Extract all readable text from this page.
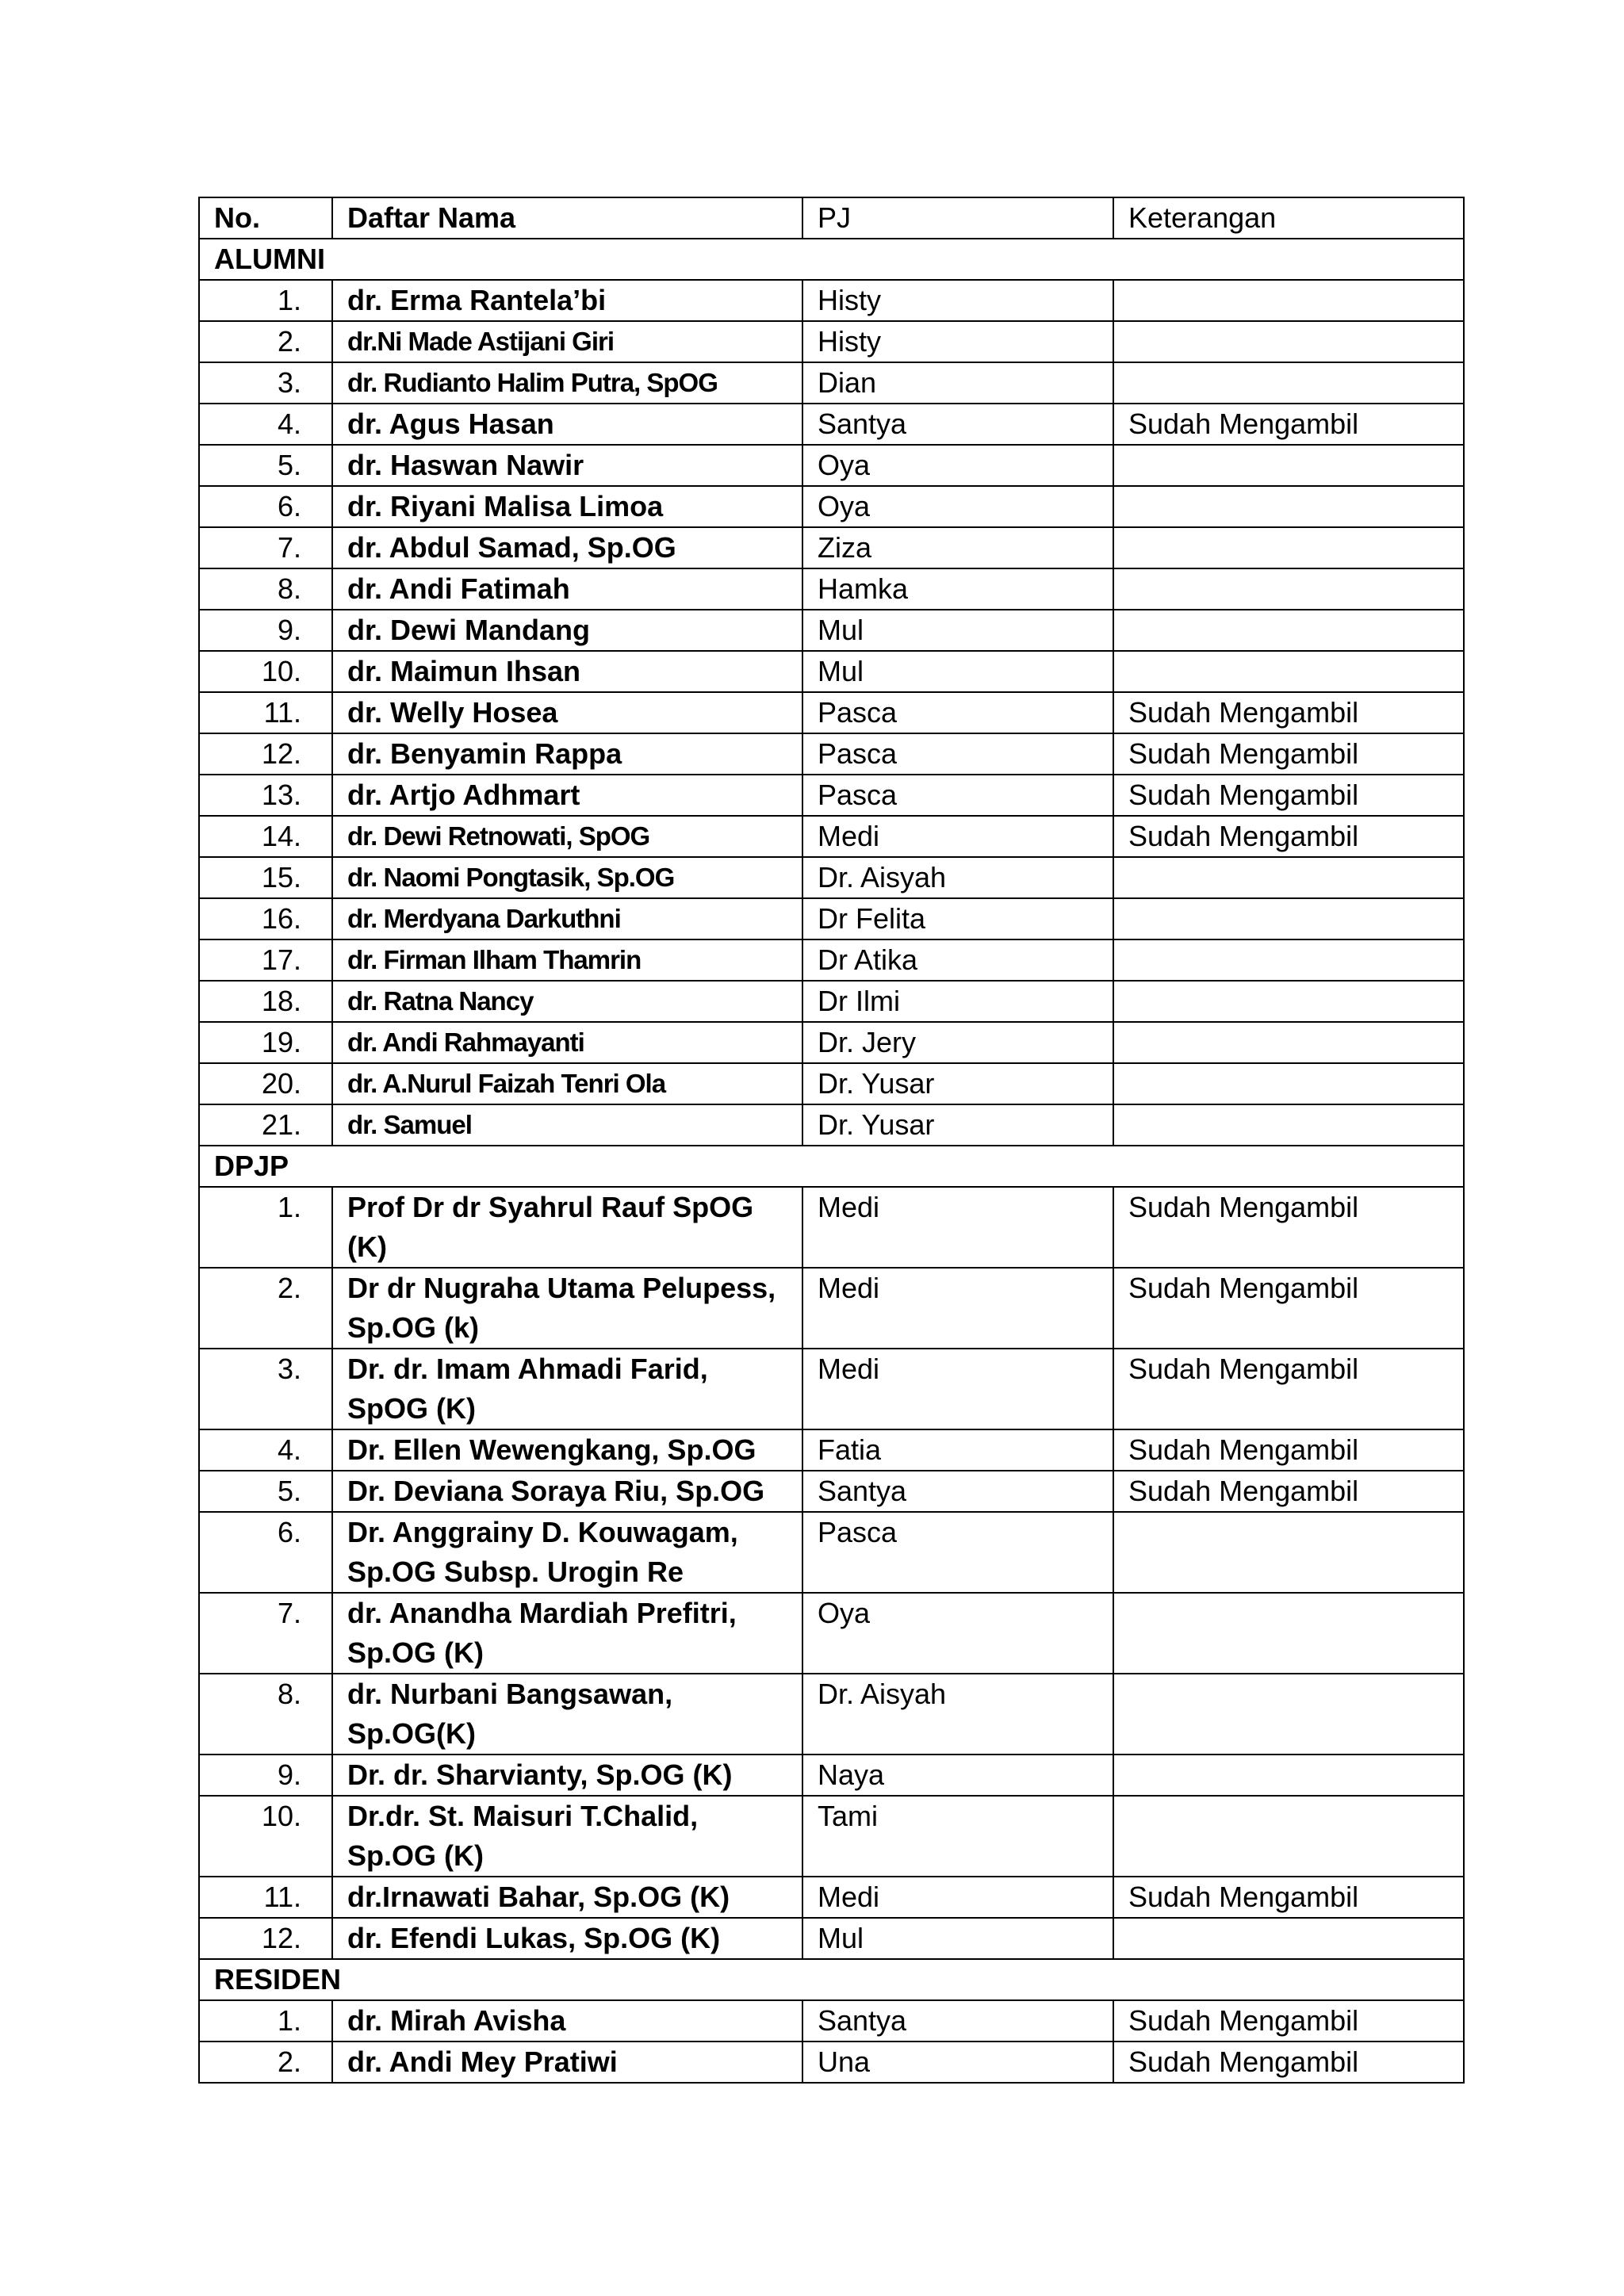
No.	Daftar Nama	PJ	Keterangan
ALUMNI			
1.	dr. Erma Rantela’bi	Histy	
2.	dr.Ni Made Astijani Giri	Histy	
3.	dr. Rudianto Halim Putra, SpOG	Dian	
4.	dr. Agus Hasan	Santya	Sudah Mengambil
5.	dr. Haswan Nawir	Oya	
6.	dr. Riyani Malisa Limoa	Oya	
7.	dr. Abdul Samad, Sp.OG	Ziza	
8.	dr. Andi Fatimah	Hamka	
9.	dr. Dewi Mandang	Mul	
10.	dr. Maimun Ihsan	Mul	
11.	dr. Welly Hosea	Pasca	Sudah Mengambil
12.	dr. Benyamin Rappa	Pasca	Sudah Mengambil
13.	dr. Artjo Adhmart	Pasca	Sudah Mengambil
14.	dr. Dewi Retnowati, SpOG	Medi	Sudah Mengambil
15.	dr. Naomi Pongtasik, Sp.OG	Dr. Aisyah	
16.	dr. Merdyana Darkuthni	Dr Felita	
17.	dr. Firman Ilham Thamrin	Dr Atika	
18.	dr. Ratna Nancy	Dr Ilmi	
19.	dr. Andi Rahmayanti	Dr. Jery	
20.	dr. A.Nurul Faizah Tenri Ola	Dr. Yusar	
21.	dr. Samuel	Dr. Yusar	
DPJP			
1.	Prof Dr dr Syahrul Rauf SpOG (K)	Medi	Sudah Mengambil
2.	Dr dr Nugraha Utama Pelupess, Sp.OG (k)	Medi	Sudah Mengambil
3.	Dr. dr. Imam Ahmadi Farid, SpOG (K)	Medi	Sudah Mengambil
4.	Dr. Ellen Wewengkang, Sp.OG	Fatia	Sudah Mengambil
5.	Dr. Deviana Soraya Riu, Sp.OG	Santya	Sudah Mengambil
6.	Dr. Anggrainy D. Kouwagam, Sp.OG Subsp. Urogin Re	Pasca	
7.	dr. Anandha Mardiah Prefitri, Sp.OG (K)	Oya	
8.	dr. Nurbani Bangsawan, Sp.OG(K)	Dr. Aisyah	
9.	Dr. dr. Sharvianty, Sp.OG (K)	Naya	
10.	Dr.dr. St. Maisuri T.Chalid, Sp.OG (K)	Tami	
11.	dr.Irnawati Bahar, Sp.OG (K)	Medi	Sudah Mengambil
12.	dr. Efendi Lukas, Sp.OG (K)	Mul	
RESIDEN			
1.	dr. Mirah Avisha	Santya	Sudah Mengambil
2.	dr. Andi Mey Pratiwi	Una	Sudah Mengambil
